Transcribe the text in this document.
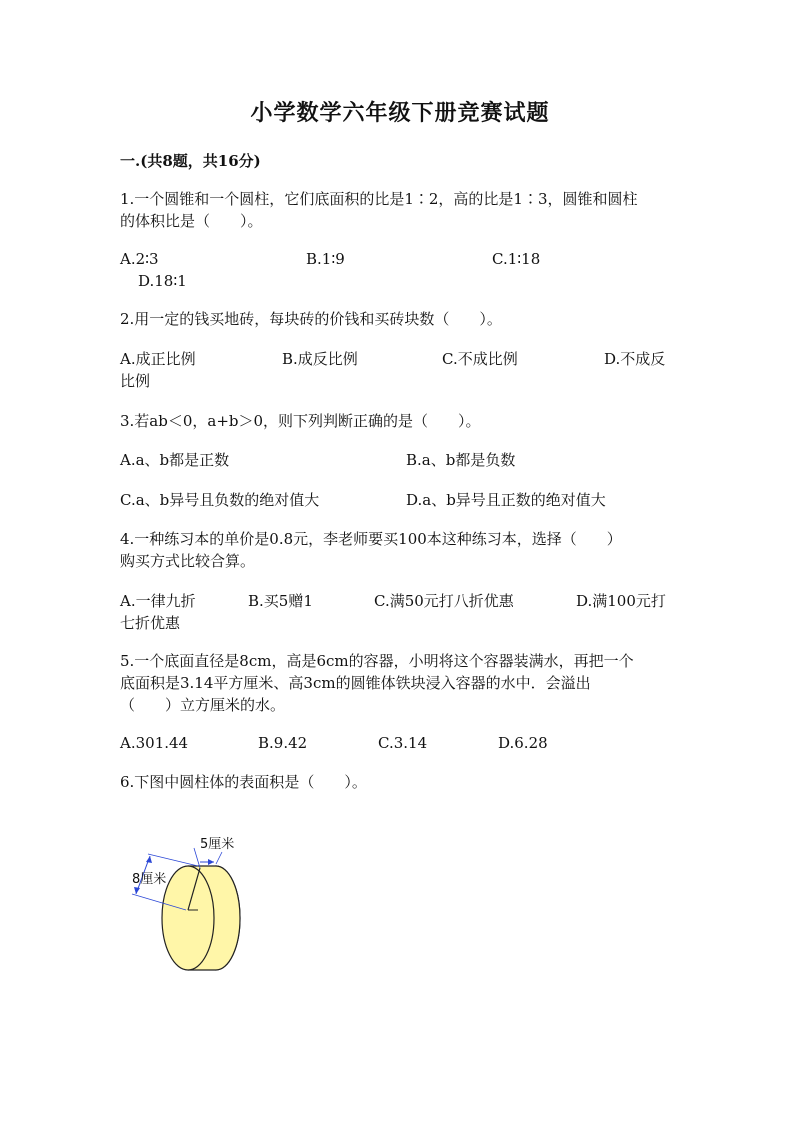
小学数学六年级下册竞赛试题
一.(共8题，共16分)
1.一个圆锥和一个圆柱，它们底面积的比是1∶2，高的比是1∶3，圆锥和圆柱
的体积比是（　　）。
A.2∶3	B.1∶9	C.1∶18
D.18∶1
2.用一定的钱买地砖，每块砖的价钱和买砖块数（　　）。
A.成正比例	B.成反比例	C.不成比例	D.不成反
比例
3.若ab＜0，a+b＞0，则下列判断正确的是（　　）。
A.a、b都是正数	B.a、b都是负数
C.a、b异号且负数的绝对值大	D.a、b异号且正数的绝对值大
4.一种练习本的单价是0.8元，李老师要买100本这种练习本，选择（　　）
购买方式比较合算。
A.一律九折	B.买5赠1	C.满50元打八折优惠	D.满100元打
七折优惠
5.一个底面直径是8cm，高是6cm的容器，小明将这个容器装满水，再把一个
底面积是3.14平方厘米、高3cm的圆锥体铁块浸入容器的水中．会溢出
（　　）立方厘米的水。
A.301.44	B.9.42	C.3.14	D.6.28
6.下图中圆柱体的表面积是（　　）。
5厘米
8厘米
